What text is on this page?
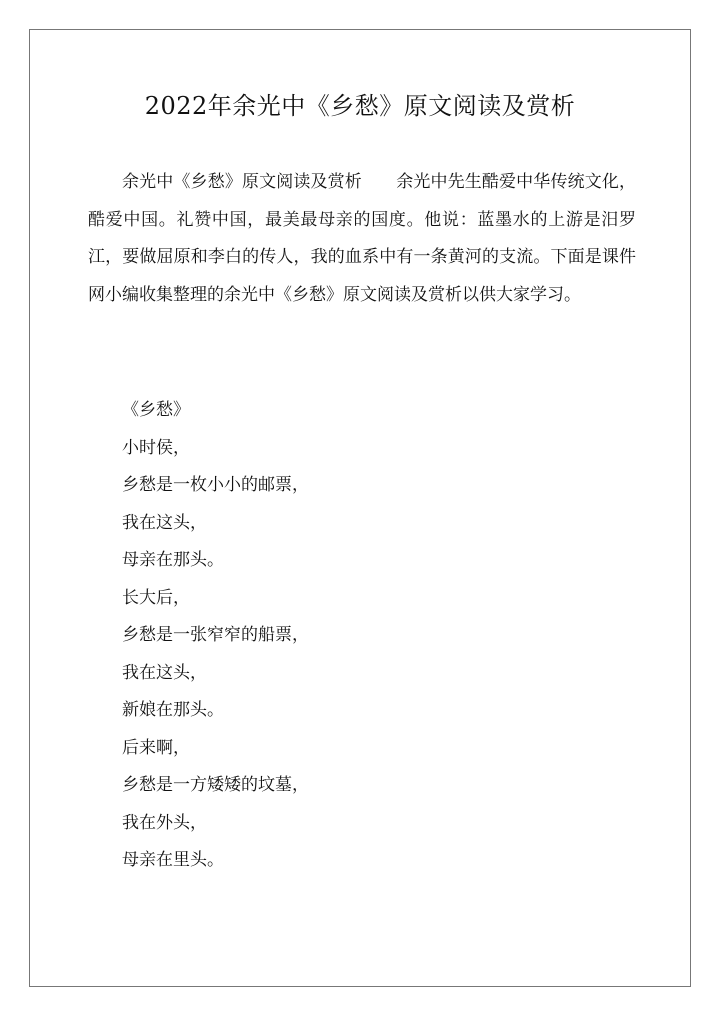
2022年余光中《乡愁》原文阅读及赏析

余光中《乡愁》原文阅读及赏析　　余光中先生酷爱中华传统文化，酷爱中国。礼赞中国，最美最母亲的国度。他说：蓝墨水的上游是汨罗江，要做屈原和李白的传人，我的血系中有一条黄河的支流。下面是课件网小编收集整理的余光中《乡愁》原文阅读及赏析以供大家学习。

《乡愁》
小时侯，
乡愁是一枚小小的邮票，
我在这头，
母亲在那头。
长大后，
乡愁是一张窄窄的船票，
我在这头，
新娘在那头。
后来啊，
乡愁是一方矮矮的坟墓，
我在外头，
母亲在里头。
